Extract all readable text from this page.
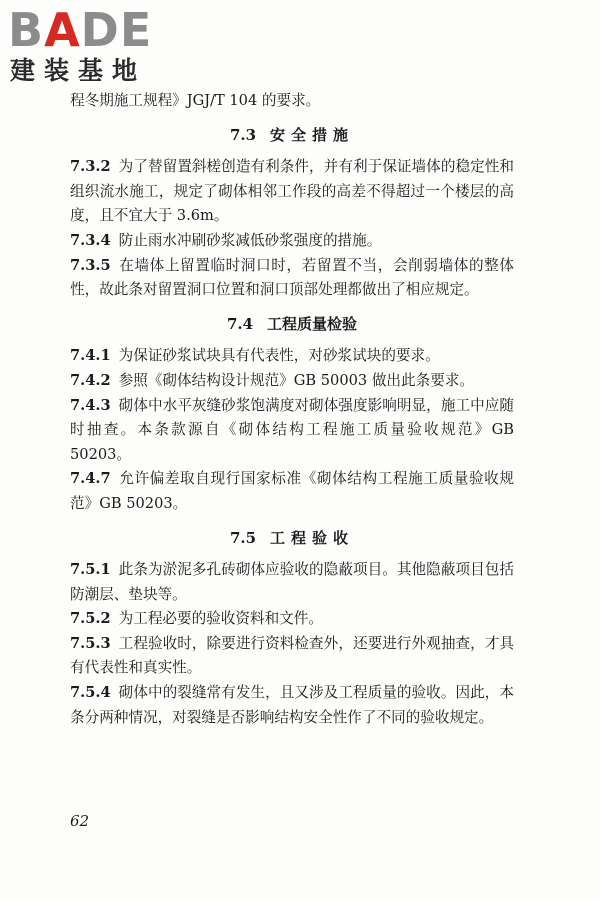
BADE
建装基地

程冬期施工规程》JGJ/T 104 的要求。

7.3 安全措施

7.3.2 为了替留置斜槎创造有利条件，并有利于保证墙体的稳定性和组织流水施工，规定了砌体相邻工作段的高差不得超过一个楼层的高度，且不宜大于 3.6m。

7.3.4 防止雨水冲刷砂浆减低砂浆强度的措施。

7.3.5 在墙体上留置临时洞口时，若留置不当，会削弱墙体的整体性，故此条对留置洞口位置和洞口顶部处理都做出了相应规定。

7.4 工程质量检验

7.4.1 为保证砂浆试块具有代表性，对砂浆试块的要求。

7.4.2 参照《砌体结构设计规范》GB 50003 做出此条要求。

7.4.3 砌体中水平灰缝砂浆饱满度对砌体强度影响明显，施工中应随时抽查。本条款源自《砌体结构工程施工质量验收规范》GB 50203。

7.4.7 允许偏差取自现行国家标准《砌体结构工程施工质量验收规范》GB 50203。

7.5 工程验收

7.5.1 此条为淤泥多孔砖砌体应验收的隐蔽项目。其他隐蔽项目包括防潮层、垫块等。

7.5.2 为工程必要的验收资料和文件。

7.5.3 工程验收时，除要进行资料检查外，还要进行外观抽查，才具有代表性和真实性。

7.5.4 砌体中的裂缝常有发生，且又涉及工程质量的验收。因此，本条分两种情况，对裂缝是否影响结构安全性作了不同的验收规定。

62
